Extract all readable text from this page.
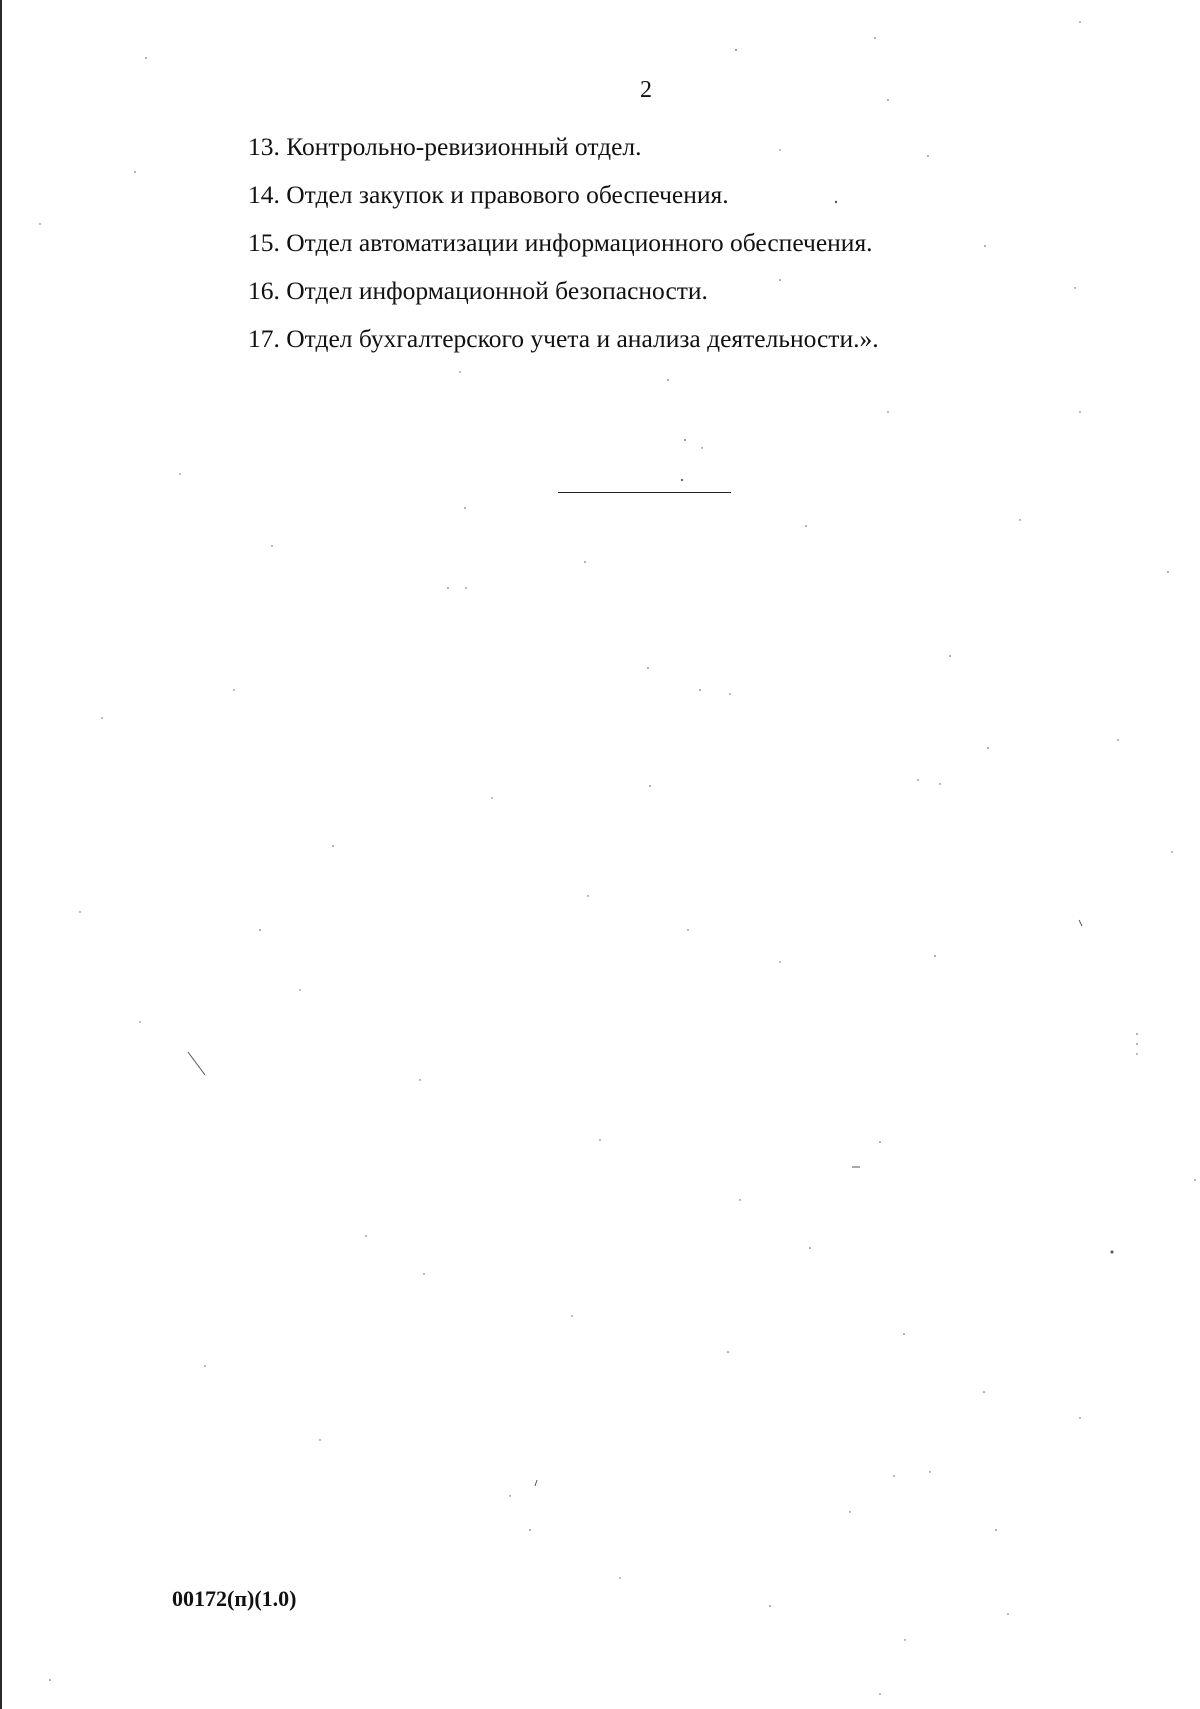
2
13. Контрольно-ревизионный отдел.
14. Отдел закупок и правового обеспечения.
15. Отдел автоматизации информационного обеспечения.
16. Отдел информационной безопасности.
17. Отдел бухгалтерского учета и анализа деятельности.».
00172(п)(1.0)
